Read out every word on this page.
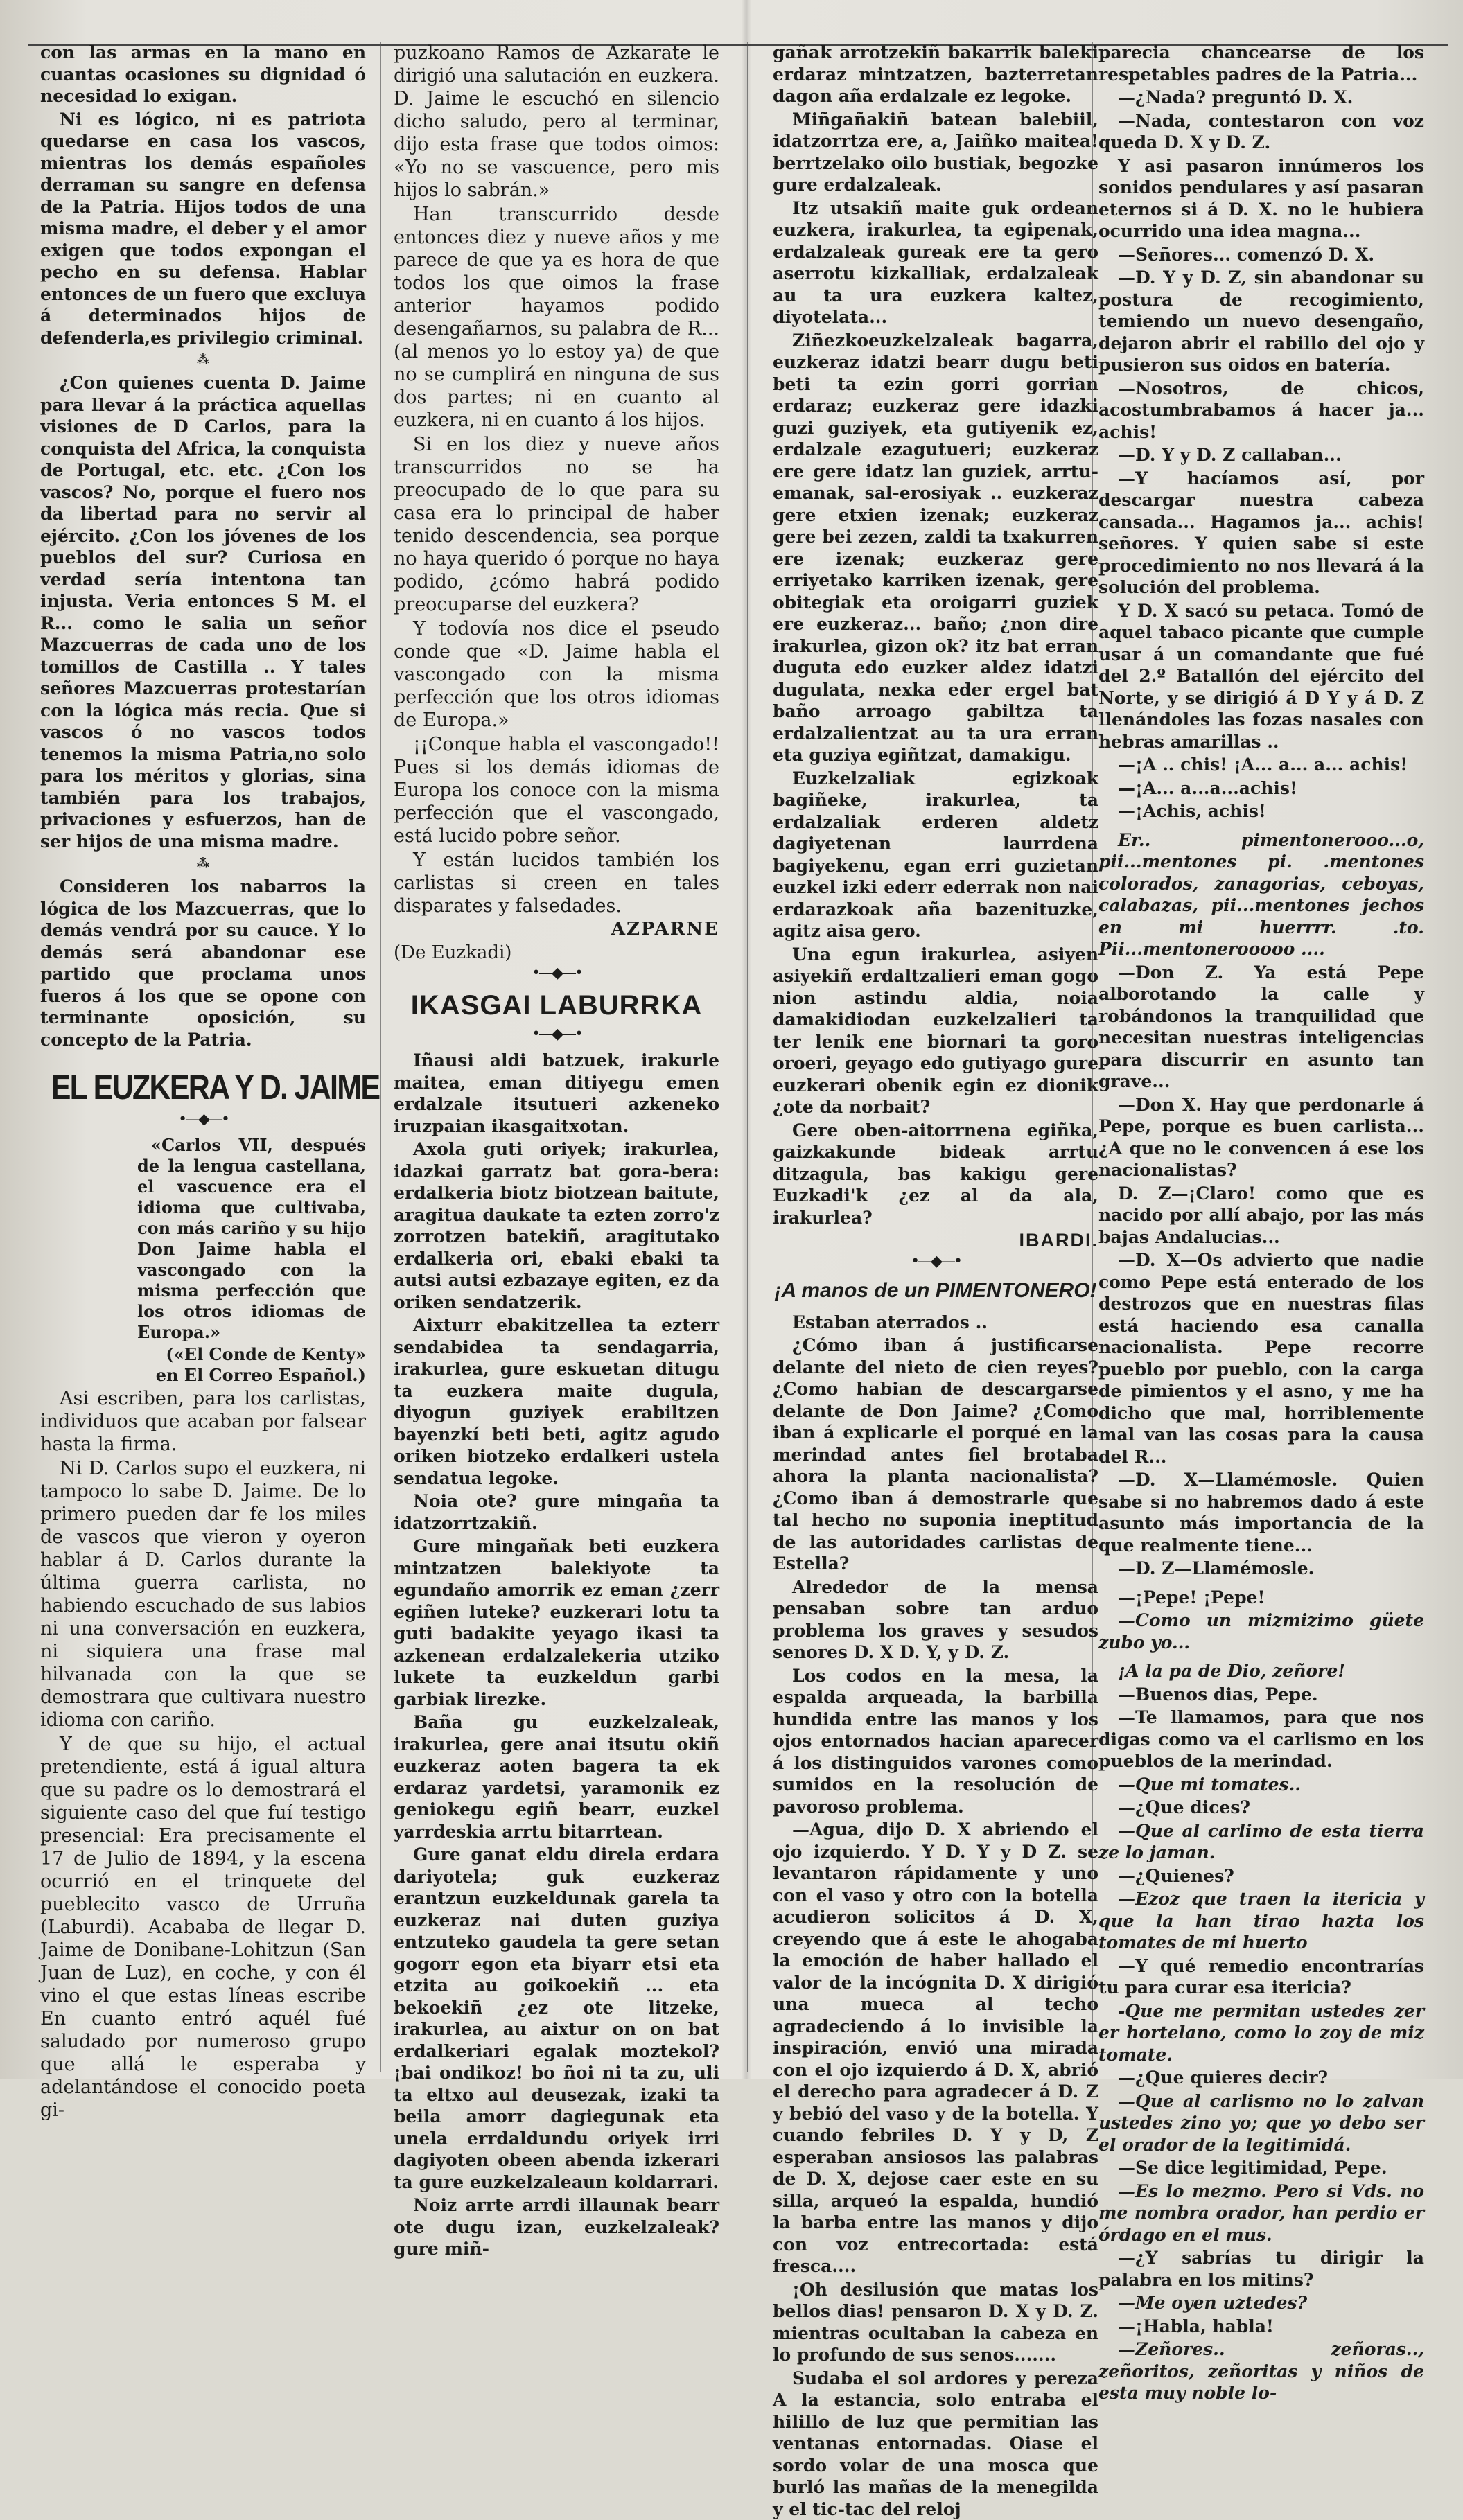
con las armas en la mano en cuantas ocasiones su dignidad ó necesidad lo exigan.

Ni es lógico, ni es patriota quedarse en casa los vascos, mientras los demás españoles derraman su sangre en defensa de la Patria. Hijos todos de una misma madre, el deber y el amor exigen que todos expongan el pecho en su defensa. Hablar entonces de un fuero que excluya á determinados hijos de defenderla,es privilegio criminal.

⁂

¿Con quienes cuenta D. Jaime para llevar á la práctica aquellas visiones de D Carlos, para la conquista del Africa, la conquista de Portugal, etc. etc. ¿Con los vascos? No, porque el fuero nos da libertad para no servir al ejército. ¿Con los jóvenes de los pueblos del sur? Curiosa en verdad sería intentona tan injusta. Veria entonces S M. el R... como le salia un señor Mazcuerras de cada uno de los tomillos de Castilla .. Y tales señores Mazcuerras protestarían con la lógica más recia. Que si vascos ó no vascos todos tenemos la misma Patria,no solo para los méritos y glorias, sina también para los trabajos, privaciones y esfuerzos, han de ser hijos de una misma madre.

⁂

Consideren los nabarros la lógica de los Mazcuerras, que lo demás vendrá por su cauce. Y lo demás será abandonar ese partido que proclama unos fueros á los que se opone con terminante oposición, su concepto de la Patria.

EL EUZKERA Y D. JAIME
•—◆—•

«Carlos VII, después de la lengua castellana, el vascuence era el idioma que cultivaba, con más cariño y su hijo Don Jaime habla el vascongado con la misma perfección que los otros idiomas de Europa.»

(«El Conde de Kenty» en El Correo Español.)

Asi escriben, para los carlistas, individuos que acaban por falsear hasta la firma.

Ni D. Carlos supo el euzkera, ni tampoco lo sabe D. Jaime. De lo primero pueden dar fe los miles de vascos que vieron y oyeron hablar á D. Carlos durante la última guerra carlista, no habiendo escuchado de sus labios ni una conversación en euzkera, ni siquiera una frase mal hilvanada con la que se demostrara que cultivara nuestro idioma con cariño.

Y de que su hijo, el actual pretendiente, está á igual altura que su padre os lo demostrará el siguiente caso del que fuí testigo presencial: Era precisamente el 17 de Julio de 1894, y la escena ocurrió en el trinquete del pueblecito vasco de Urruña (Laburdi). Acababa de llegar D. Jaime de Donibane-Lohitzun (San Juan de Luz), en coche, y con él vino el que estas líneas escribe En cuanto entró aquél fué saludado por numeroso grupo que allá le esperaba y adelantándose el conocido poeta gi-

puzkoano Ramos de Azkarate le dirigió una salutación en euzkera. D. Jaime le escuchó en silencio dicho saludo, pero al terminar, dijo esta frase que todos oimos: «Yo no se vascuence, pero mis hijos lo sabrán.»

Han transcurrido desde entonces diez y nueve años y me parece de que ya es hora de que todos los que oimos la frase anterior hayamos podido desengañarnos, su palabra de R... (al menos yo lo estoy ya) de que no se cumplirá en ninguna de sus dos partes; ni en cuanto al euzkera, ni en cuanto á los hijos.

Si en los diez y nueve años transcurridos no se ha preocupado de lo que para su casa era lo principal de haber tenido descendencia, sea porque no haya querido ó porque no haya podido, ¿cómo habrá podido preocuparse del euzkera?

Y todovía nos dice el pseudo conde que «D. Jaime habla el vascongado con la misma perfección que los otros idiomas de Europa.»

¡¡Conque habla el vascongado!! Pues si los demás idiomas de Europa los conoce con la misma perfección que el vascongado, está lucido pobre señor.

Y están lucidos también los carlistas si creen en tales disparates y falsedades.

AZPARNE

(De Euzkadi)

•—◆—•
IKASGAI LABURRKA
•—◆—•

Iñausi aldi batzuek, irakurle maitea, eman ditiyegu emen erdalzale itsutueri azkeneko iruzpaian ikasgaitxotan.

Axola guti oriyek; irakurlea, idazkai garratz bat gora-bera: erdalkeria biotz biotzean baitute, aragitua daukate ta ezten zorro'z zorrotzen batekiñ, aragitutako erdalkeria ori, ebaki ebaki ta autsi autsi ezbazaye egiten, ez da oriken sendatzerik.

Aixturr ebakitzellea ta ezterr sendabidea ta sendagarria, irakurlea, gure eskuetan ditugu ta euzkera maite dugula, diyogun guziyek erabiltzen bayenzkí beti beti, agitz agudo oriken biotzeko erdalkeri ustela sendatua legoke.

Noia ote? gure mingaña ta idatzorrtzakiñ.

Gure mingañak beti euzkera mintzatzen balekiyote ta egundaño amorrik ez eman ¿zerr egiñen luteke? euzkerari lotu ta guti badakite yeyago ikasi ta azkenean erdalzalekeria utziko lukete ta euzkeldun garbi garbiak lirezke.

Baña gu euzkelzaleak, irakurlea, gere anai itsutu okiñ euzkeraz aoten bagera ta ek erdaraz yardetsi, yaramonik ez geniokegu egiñ bearr, euzkel yarrdeskia arrtu bitarrtean.

Gure ganat eldu direla erdara dariyotela; guk euzkeraz erantzun euzkeldunak garela ta euzkeraz nai duten guziya entzuteko gaudela ta gere setan gogorr egon eta biyarr etsi eta etzita au goikoekiñ ... eta bekoekiñ ¿ez ote litzeke, irakurlea, au aixtur on on bat erdalkeriari egalak moztekol? ¡bai ondikoz! bo ñoi ni ta zu, uli ta eltxo aul deusezak, izaki ta beila amorr dagiegunak eta unela errdaldundu oriyek irri dagiyoten obeen abenda izkerari ta gure euzkelzaleaun koldarrari.

Noiz arrte arrdi illaunak bearr ote dugu izan, euzkelzaleak? gure miñ-

gañak arrotzekiñ bakarrik baleki erdaraz mintzatzen, bazterretan dagon aña erdalzale ez legoke.

Miñgañakiñ batean balebiil, idatzorrtza ere, a, Jaiñko maitea! berrtzelako oilo bustiak, begozke gure erdalzaleak.

Itz utsakiñ maite guk ordean euzkera, irakurlea, ta egipenak, erdalzaleak gureak ere ta gero aserrotu kizkalliak, erdalzaleak au ta ura euzkera kaltez, diyotelata...

Ziñezkoeuzkelzaleak bagarra, euzkeraz idatzi bearr dugu beti beti ta ezin gorri gorrian erdaraz; euzkeraz gere idazki guzi guziyek, eta gutiyenik ez, erdalzale ezagutueri; euzkeraz ere gere idatz lan guziek, arrtu-emanak, sal-erosiyak .. euzkeraz gere etxien izenak; euzkeraz gere bei zezen, zaldi ta txakurren ere izenak; euzkeraz gere erriyetako karriken izenak, gere obitegiak eta oroigarri guziek ere euzkeraz... baño; ¿non dire irakurlea, gizon ok? itz bat erran duguta edo euzker aldez idatzi dugulata, nexka eder ergel bat baño arroago gabiltza ta erdalzalientzat au ta ura erran eta guziya egiñtzat, damakigu.

Euzkelzaliak egizkoak bagiñeke, irakurlea, ta erdalzaliak erderen aldetz dagiyetenan laurrdena bagiyekenu, egan erri guzietan euzkel izki ederr ederrak non nai erdarazkoak aña bazenituzke, agitz aisa gero.

Una egun irakurlea, asiyen asiyekiñ erdaltzalieri eman gogo nion astindu aldia, noia damakidiodan euzkelzalieri ta ter lenik ene biornari ta goro oroeri, geyago edo gutiyago gure euzkerari obenik egin ez dionik ¿ote da norbait?

Gere oben-aitorrnena egiñka, gaizkakunde bideak arrtu ditzagula, bas kakigu gere Euzkadi'k ¿ez al da ala, irakurlea?

IBARDI.

•—◆—•
¡A manos de un PIMENTONERO!

Estaban aterrados ..

¿Cómo iban á justificarse delante del nieto de cien reyes? ¿Como habian de descargarse delante de Don Jaime? ¿Como iban á explicarle el porqué en la merindad antes fiel brotaba ahora la planta nacionalista? ¿Como iban á demostrarle que tal hecho no suponia ineptitud de las autoridades carlistas de Estella?

Alrededor de la mensa pensaban sobre tan arduo problema los graves y sesudos senores D. X D. Y, y D. Z.

Los codos en la mesa, la espalda arqueada, la barbilla hundida entre las manos y los ojos entornados hacian aparecer á los distinguidos varones como sumidos en la resolución de pavoroso problema.

—Agua, dijo D. X abriendo el ojo izquierdo. Y D. Y y D Z. se levantaron rápidamente y uno con el vaso y otro con la botella acudieron solicitos á D. X, creyendo que á este le ahogaba la emoción de haber hallado el valor de la incógnita D. X dirigió una mueca al techo agradeciendo á lo invisible la inspiración, envió una mirada con el ojo izquierdo á D. X, abrió el derecho para agradecer á D. Z y bebió del vaso y de la botella. Y cuando febriles D. Y y D, Z esperaban ansiosos las palabras de D. X, dejose caer este en su silla, arqueó la espalda, hundió la barba entre las manos y dijo con voz entrecortada: está fresca....

¡Oh desilusión que matas los bellos dias! pensaron D. X y D. Z. mientras ocultaban la cabeza en lo profundo de sus senos.......

Sudaba el sol ardores y pereza A la estancia, solo entraba el hilillo de luz que permitian las ventanas entornadas. Oiase el sordo volar de una mosca que burló las mañas de la menegilda y el tic-tac del reloj

parecia chancearse de los respetables padres de la Patria...

—¿Nada? preguntó D. X.

—Nada, contestaron con voz queda D. X y D. Z.

Y asi pasaron innúmeros los sonidos pendulares y así pasaran eternos si á D. X. no le hubiera ocurrido una idea magna...

—Señores... comenzó D. X.

—D. Y y D. Z, sin abandonar su postura de recogimiento, temiendo un nuevo desengaño, dejaron abrir el rabillo del ojo y pusieron sus oidos en batería.

—Nosotros, de chicos, acostumbrabamos á hacer ja... achis!

—D. Y y D. Z callaban...

—Y hacíamos así, por descargar nuestra cabeza cansada... Hagamos ja... achis! señores. Y quien sabe si este procedimiento no nos llevará á la solución del problema.

Y D. X sacó su petaca. Tomó de aquel tabaco picante que cumple usar á un comandante que fué del 2.º Batallón del ejército del Norte, y se dirigió á D Y y á D. Z llenándoles las fozas nasales con hebras amarillas ..

—¡A .. chis! ¡A... a... a... achis!

—¡A... a...a...achis!

—¡Achis, achis!

Er.. pimentonerooo...o, pii...mentones pi. .mentones colorados, zanagorias, ceboyas, calabazas, pii...mentones jechos en mi huerrrr. .to. Pii...mentonerooooo ....

—Don Z. Ya está Pepe alborotando la calle y robándonos la tranquilidad que necesitan nuestras inteligencias para discurrir en asunto tan grave...

—Don X. Hay que perdonarle á Pepe, porque es buen carlista... ¿A que no le convencen á ese los nacionalistas?

D. Z—¡Claro! como que es nacido por allí abajo, por las más bajas Andalucias...

—D. X—Os advierto que nadie como Pepe está enterado de los destrozos que en nuestras filas está haciendo esa canalla nacionalista. Pepe recorre pueblo por pueblo, con la carga de pimientos y el asno, y me ha dicho que mal, horriblemente mal van las cosas para la causa del R...

—D. X—Llamémosle. Quien sabe si no habremos dado á este asunto más importancia de la que realmente tiene...

—D. Z—Llamémosle.

—¡Pepe! ¡Pepe!

—Como un mizmizimo güete zubo yo...

¡A la pa de Dio, zeñore!

—Buenos dias, Pepe.

—Te llamamos, para que nos digas como va el carlismo en los pueblos de la merindad.

—Que mi tomates..

—¿Que dices?

—Que al carlimo de esta tierra ze lo jaman.

—¿Quienes?

—Ezoz que traen la itericia y que la han tirao hazta los tomates de mi huerto

—Y qué remedio encontrarías tu para curar esa itericia?

-Que me permitan ustedes zer er hortelano, como lo zoy de miz tomate.

—¿Que quieres decir?

—Que al carlismo no lo zalvan ustedes zino yo; que yo debo ser el orador de la legitimidá.

—Se dice legitimidad, Pepe.

—Es lo mezmo. Pero si Vds. no me nombra orador, han perdio er órdago en el mus.

—¿Y sabrías tu dirigir la palabra en los mitins?

—Me oyen uztedes?

—¡Habla, habla!

—Zeñores.. zeñoras.., zeñoritos, zeñoritas y niños de esta muy noble lo-
